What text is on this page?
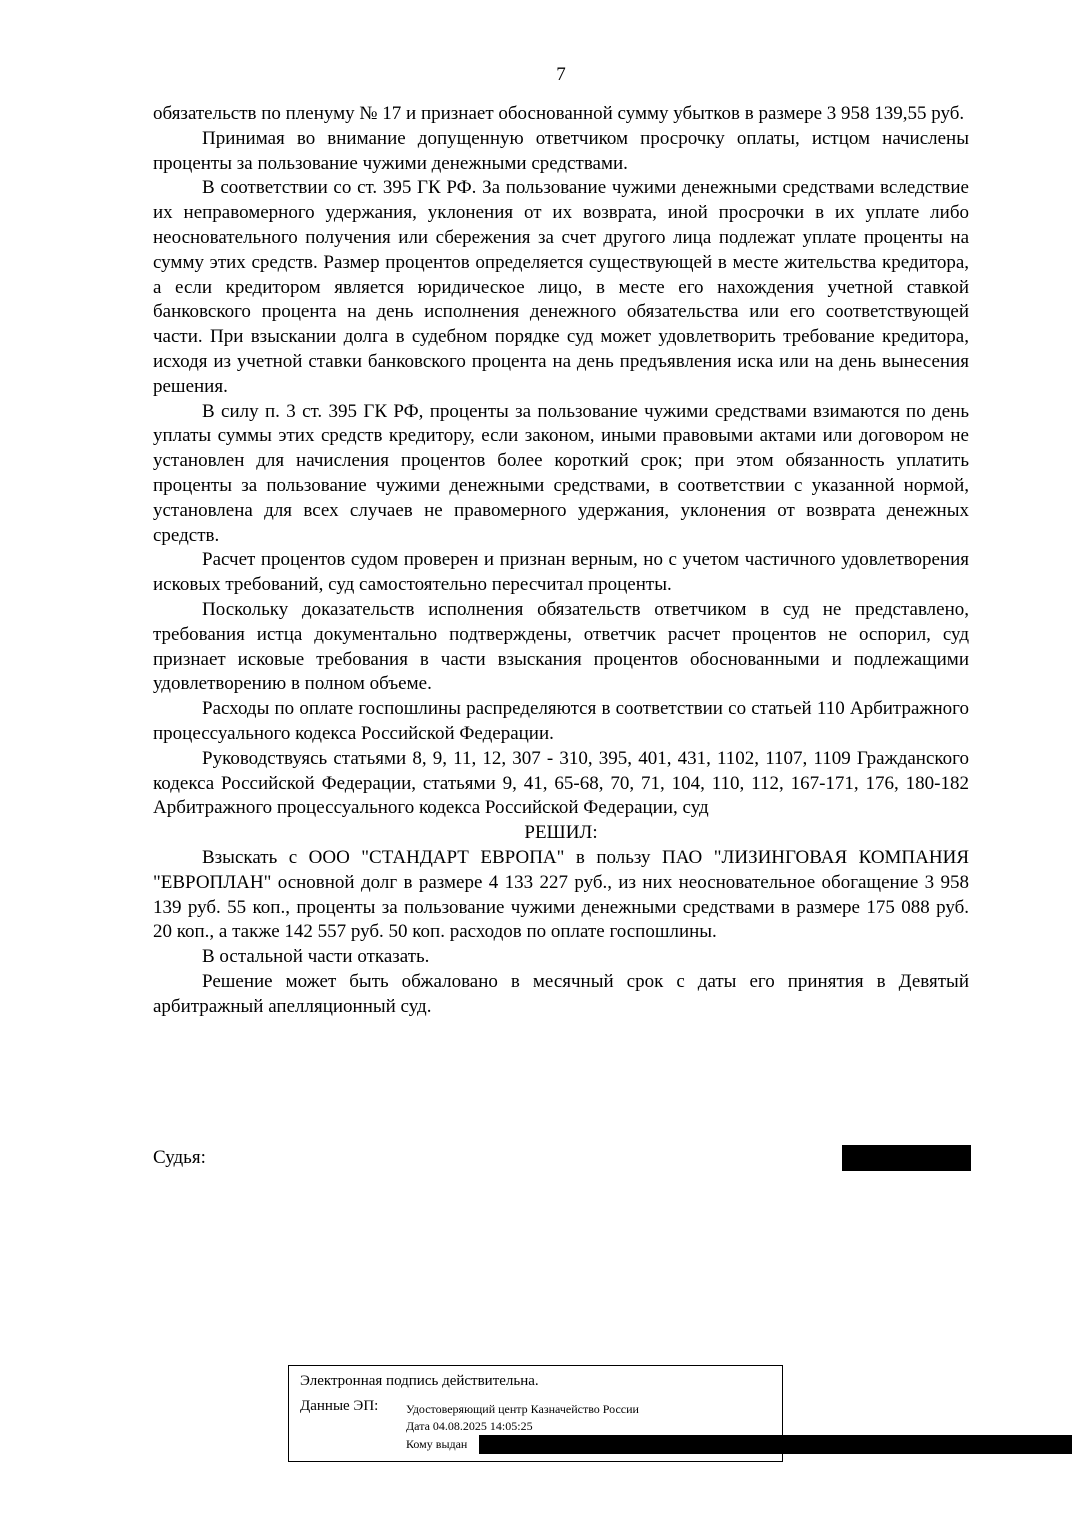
7

обязательств по пленуму № 17 и признает обоснованной сумму убытков в размере 3 958 139,55 руб.

Принимая во внимание допущенную ответчиком просрочку оплаты, истцом начислены проценты за пользование чужими денежными средствами.

В соответствии со ст. 395 ГК РФ. За пользование чужими денежными средствами вследствие их неправомерного удержания, уклонения от их возврата, иной просрочки в их уплате либо неосновательного получения или сбережения за счет другого лица подлежат уплате проценты на сумму этих средств. Размер процентов определяется существующей в месте жительства кредитора, а если кредитором является юридическое лицо, в месте его нахождения учетной ставкой банковского процента на день исполнения денежного обязательства или его соответствующей части. При взыскании долга в судебном порядке суд может удовлетворить требование кредитора, исходя из учетной ставки банковского процента на день предъявления иска или на день вынесения решения.

В силу п. 3 ст. 395 ГК РФ, проценты за пользование чужими средствами взимаются по день уплаты суммы этих средств кредитору, если законом, иными правовыми актами или договором не установлен для начисления процентов более короткий срок; при этом обязанность уплатить проценты за пользование чужими денежными средствами, в соответствии с указанной нормой, установлена для всех случаев не правомерного удержания, уклонения от возврата денежных средств.

Расчет процентов судом проверен и признан верным, но с учетом частичного удовлетворения исковых требований, суд самостоятельно пересчитал проценты.

Поскольку доказательств исполнения обязательств ответчиком в суд не представлено, требования истца документально подтверждены, ответчик расчет процентов не оспорил, суд признает исковые требования в части взыскания процентов обоснованными и подлежащими удовлетворению в полном объеме.

Расходы по оплате госпошлины распределяются в соответствии со статьей 110 Арбитражного процессуального кодекса Российской Федерации.

Руководствуясь статьями 8, 9, 11, 12, 307 - 310, 395, 401, 431, 1102, 1107, 1109 Гражданского кодекса Российской Федерации, статьями 9, 41, 65-68, 70, 71, 104, 110, 112, 167-171, 176, 180-182 Арбитражного процессуального кодекса Российской Федерации, суд

РЕШИЛ:

Взыскать с ООО "СТАНДАРТ ЕВРОПА" в пользу ПАО "ЛИЗИНГОВАЯ КОМПАНИЯ "ЕВРОПЛАН" основной долг в размере 4 133 227 руб., из них неосновательное обогащение 3 958 139 руб. 55 коп., проценты за пользование чужими денежными средствами в размере 175 088 руб. 20 коп., а также 142 557 руб. 50 коп. расходов по оплате госпошлины.

В остальной части отказать.

Решение может быть обжаловано в месячный срок с даты его принятия в Девятый арбитражный апелляционный суд.

Судья:
Электронная подпись действительна.
Данные ЭП: Удостоверяющий центр Казначейство России
Дата 04.08.2025 14:05:25
Кому выдан
